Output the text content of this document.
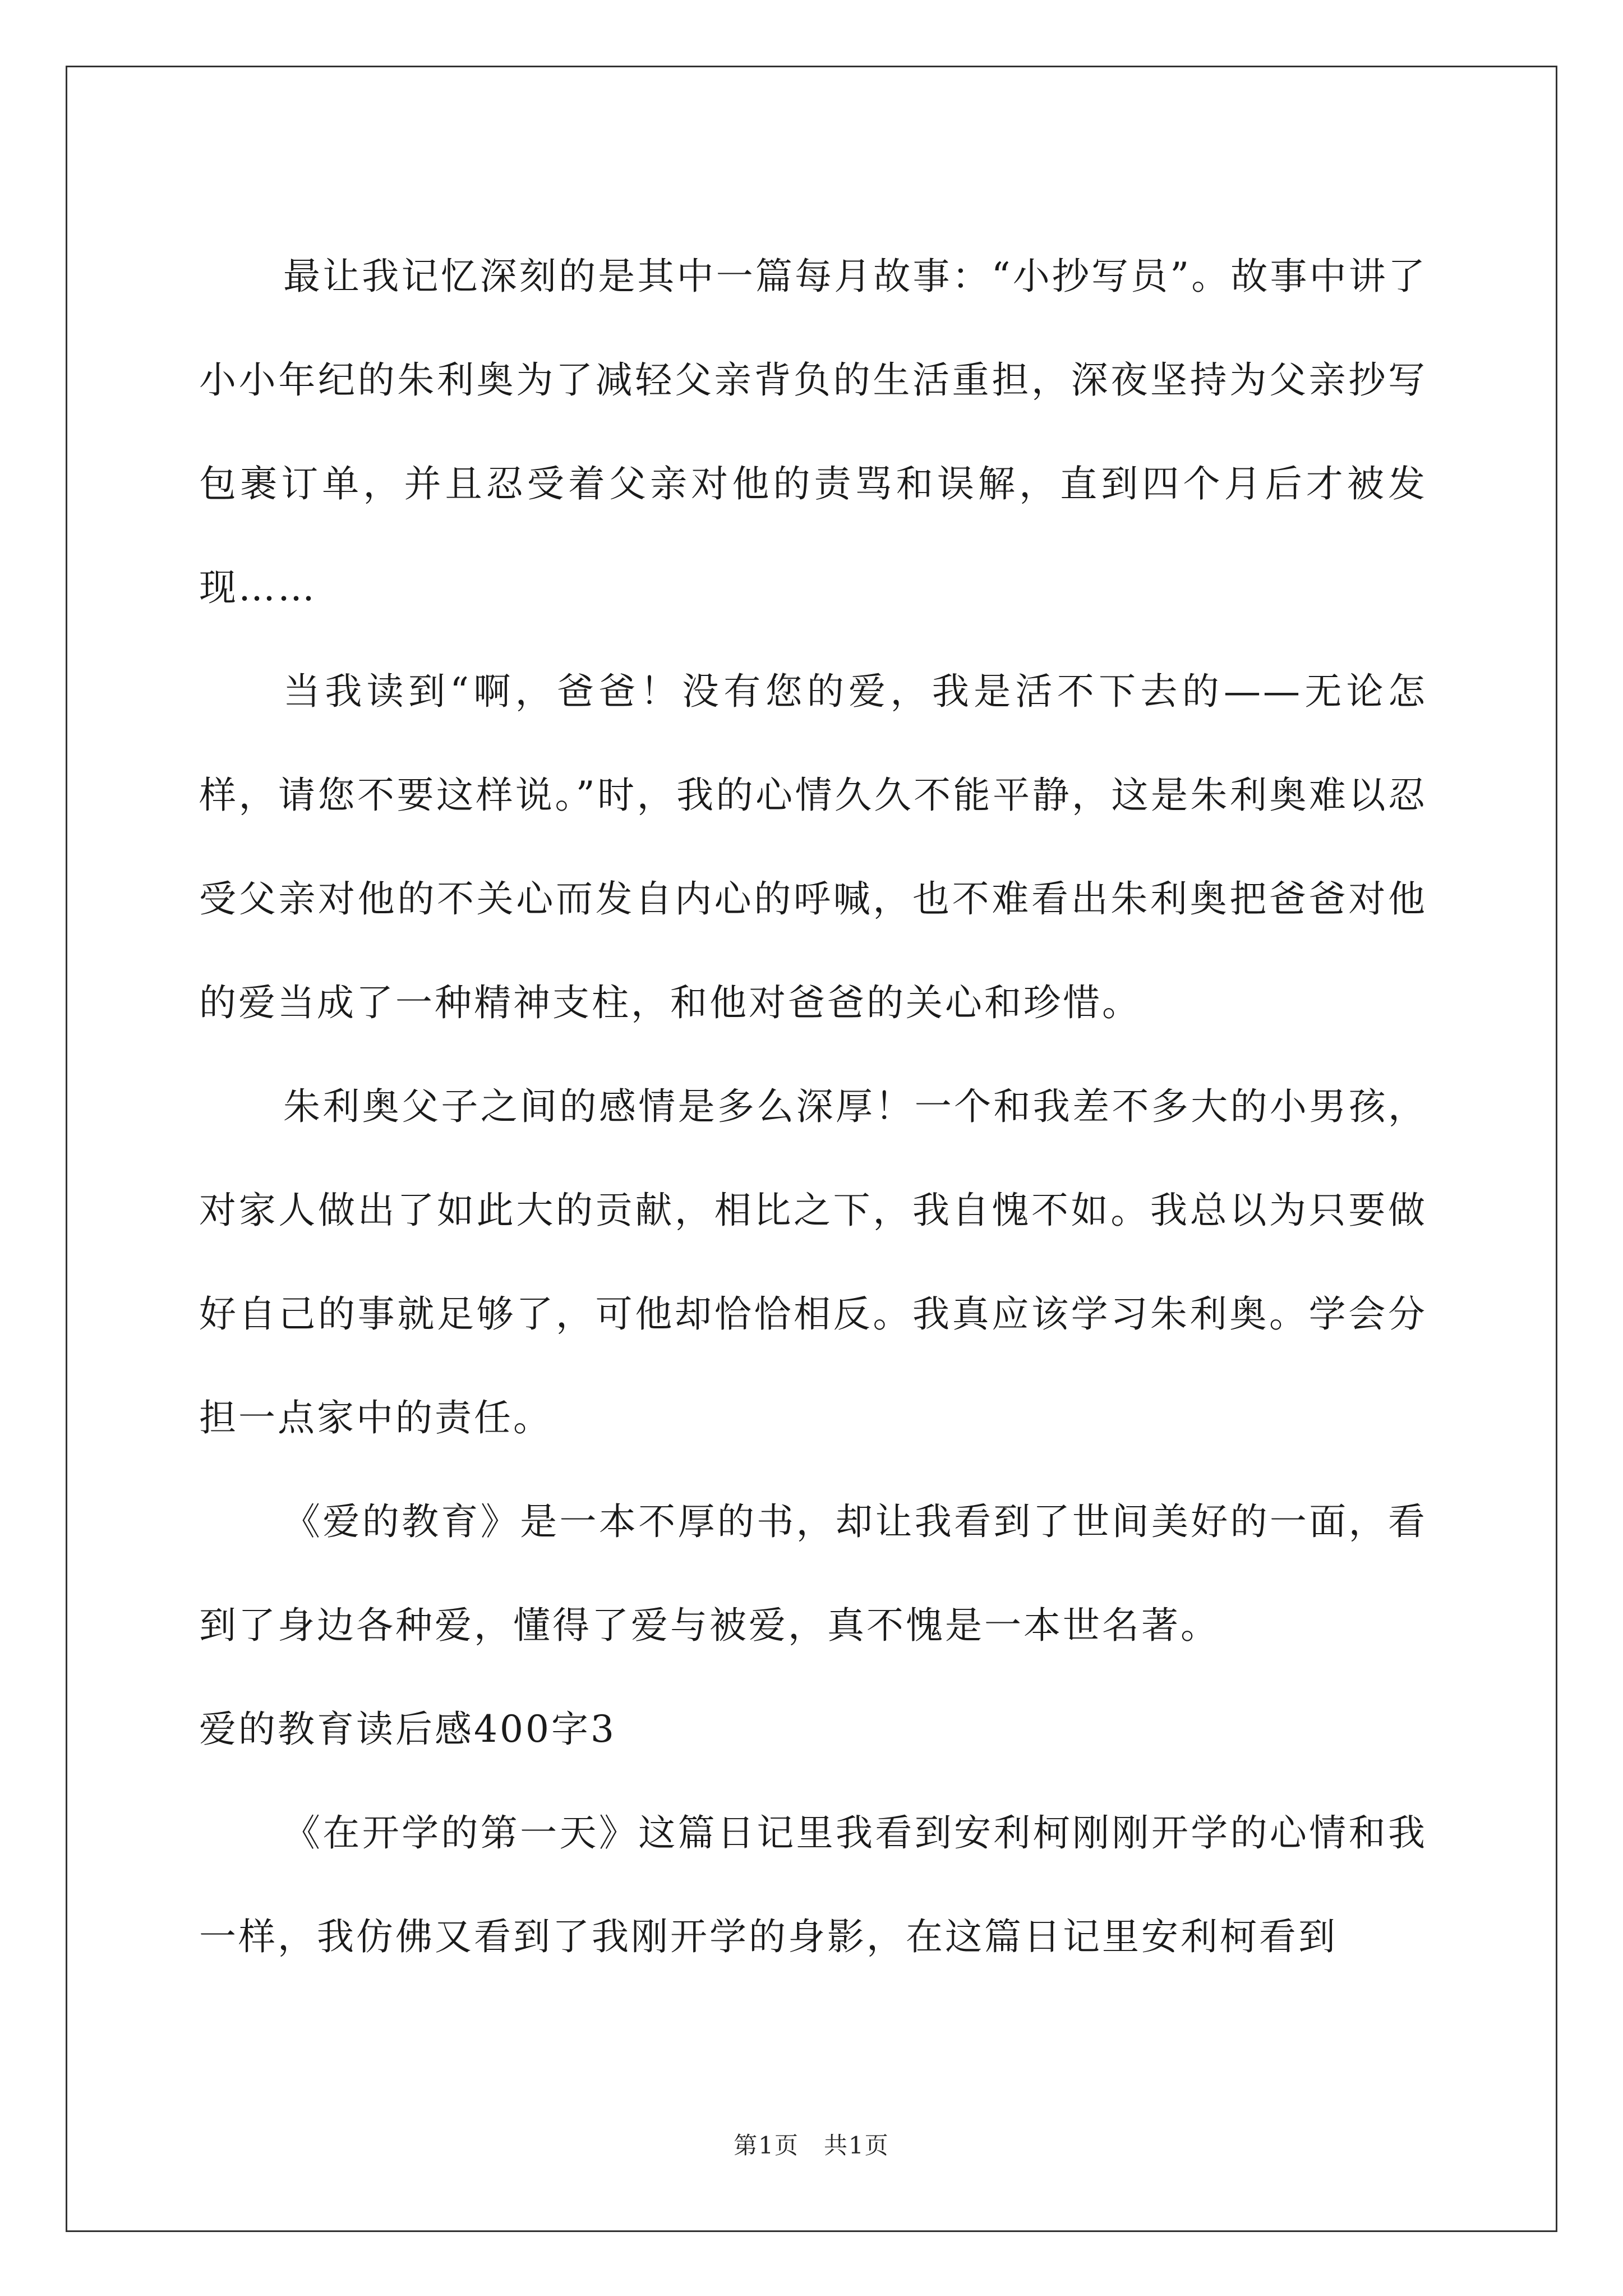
最让我记忆深刻的是其中一篇每月故事：“小抄写员”。故事中讲了小小年纪的朱利奥为了减轻父亲背负的生活重担，深夜坚持为父亲抄写包裹订单，并且忍受着父亲对他的责骂和误解，直到四个月后才被发现……

当我读到“啊，爸爸！没有您的爱，我是活不下去的——无论怎样，请您不要这样说。”时，我的心情久久不能平静，这是朱利奥难以忍受父亲对他的不关心而发自内心的呼喊，也不难看出朱利奥把爸爸对他的爱当成了一种精神支柱，和他对爸爸的关心和珍惜。

朱利奥父子之间的感情是多么深厚！一个和我差不多大的小男孩，对家人做出了如此大的贡献，相比之下，我自愧不如。我总以为只要做好自己的事就足够了，可他却恰恰相反。我真应该学习朱利奥。学会分担一点家中的责任。

《爱的教育》是一本不厚的书，却让我看到了世间美好的一面，看到了身边各种爱，懂得了爱与被爱，真不愧是一本世名著。

爱的教育读后感400字3

《在开学的第一天》这篇日记里我看到安利柯刚刚开学的心情和我一样，我仿佛又看到了我刚开学的身影，在这篇日记里安利柯看到

第1页　共1页
